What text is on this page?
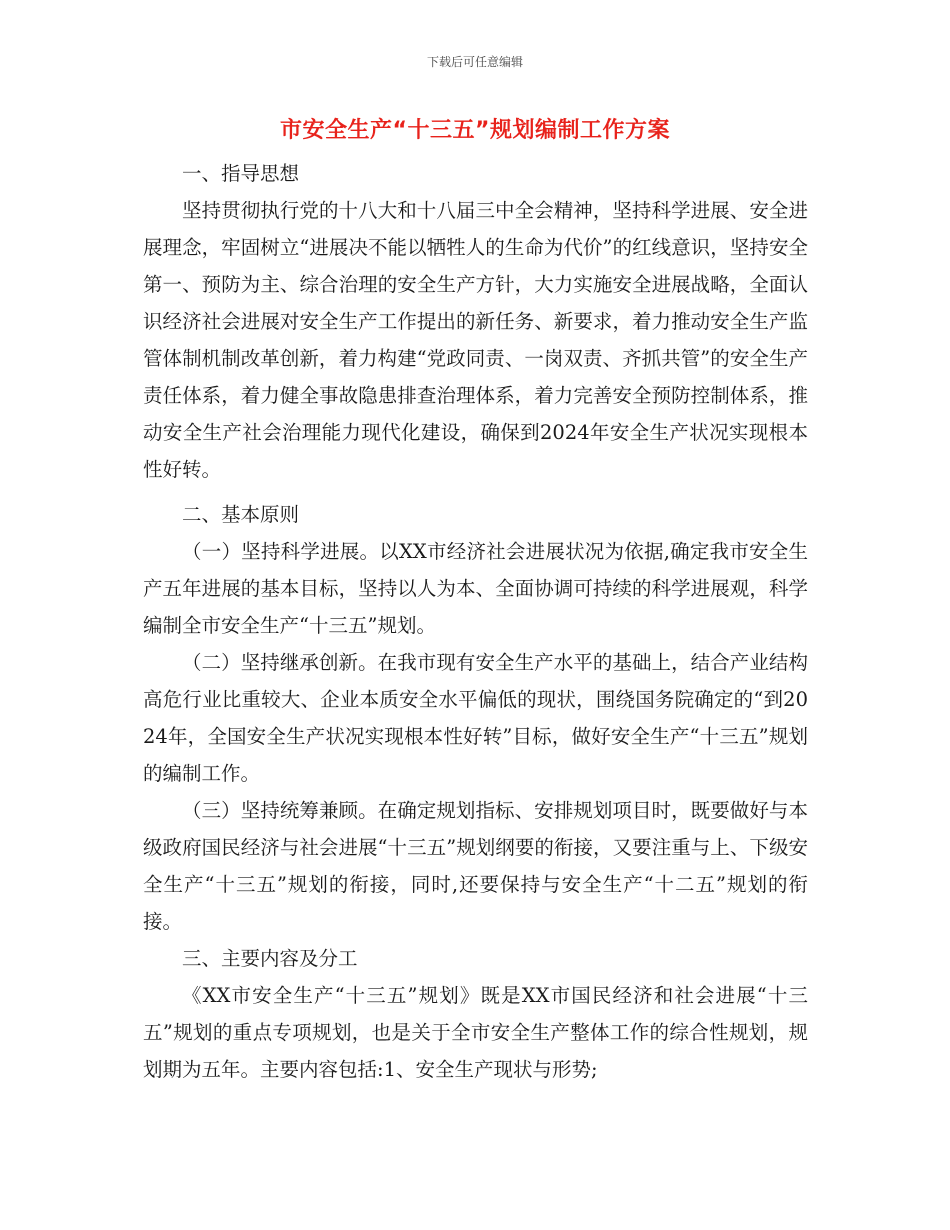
下载后可任意编辑
市安全生产“十三五”规划编制工作方案

一、指导思想

坚持贯彻执行党的十八大和十八届三中全会精神，坚持科学进展、安全进展理念，牢固树立“进展决不能以牺牲人的生命为代价”的红线意识，坚持安全第一、预防为主、综合治理的安全生产方针，大力实施安全进展战略，全面认识经济社会进展对安全生产工作提出的新任务、新要求，着力推动安全生产监管体制机制改革创新，着力构建“党政同责、一岗双责、齐抓共管”的安全生产责任体系，着力健全事故隐患排查治理体系，着力完善安全预防控制体系，推动安全生产社会治理能力现代化建设，确保到2024年安全生产状况实现根本性好转。

二、基本原则

（一）坚持科学进展。以XX市经济社会进展状况为依据,确定我市安全生产五年进展的基本目标，坚持以人为本、全面协调可持续的科学进展观，科学编制全市安全生产“十三五”规划。

（二）坚持继承创新。在我市现有安全生产水平的基础上，结合产业结构高危行业比重较大、企业本质安全水平偏低的现状，围绕国务院确定的“到2024年，全国安全生产状况实现根本性好转”目标，做好安全生产“十三五”规划的编制工作。

（三）坚持统筹兼顾。在确定规划指标、安排规划项目时，既要做好与本级政府国民经济与社会进展“十三五”规划纲要的衔接，又要注重与上、下级安全生产“十三五”规划的衔接，同时,还要保持与安全生产“十二五”规划的衔接。

三、主要内容及分工

《XX市安全生产“十三五”规划》既是XX市国民经济和社会进展“十三五”规划的重点专项规划，也是关于全市安全生产整体工作的综合性规划，规划期为五年。主要内容包括:1、安全生产现状与形势;
